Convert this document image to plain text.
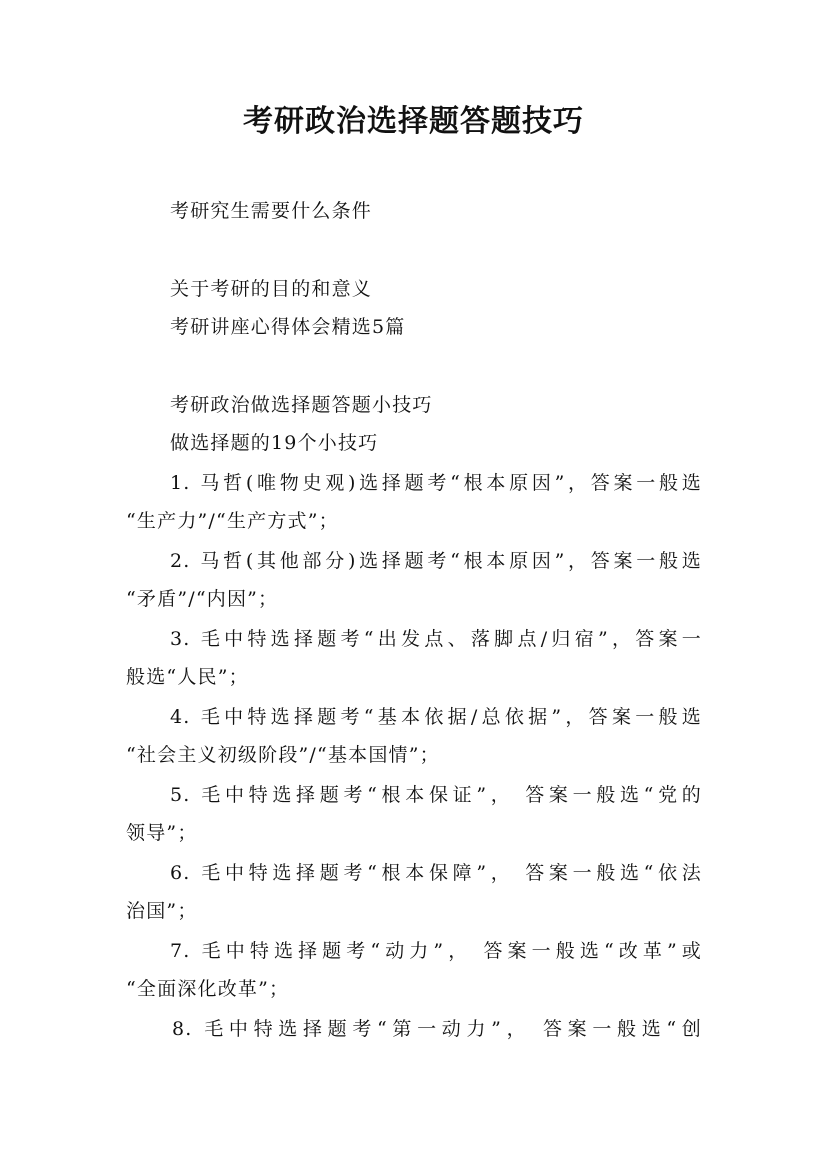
考研政治选择题答题技巧
考研究生需要什么条件
关于考研的目的和意义
考研讲座心得体会精选5篇
考研政治做选择题答题小技巧
做选择题的19个小技巧
1. 马哲(唯物史观)选择题考“根本原因”，答案一般选
“生产力”/“生产方式”；
2. 马哲(其他部分)选择题考“根本原因”，答案一般选
“矛盾”/“内因”；
3. 毛中特选择题考“出发点、落脚点/归宿”，答案一
般选“人民”；
4. 毛中特选择题考“基本依据/总依据”，答案一般选
“社会主义初级阶段”/“基本国情”；
5. 毛中特选择题考“根本保证”， 答案一般选“党的
领导”；
6. 毛中特选择题考“根本保障”， 答案一般选“依法
治国”；
7. 毛中特选择题考“动力”， 答案一般选“改革”或
“全面深化改革”；
8. 毛中特选择题考“第一动力”， 答案一般选“创
